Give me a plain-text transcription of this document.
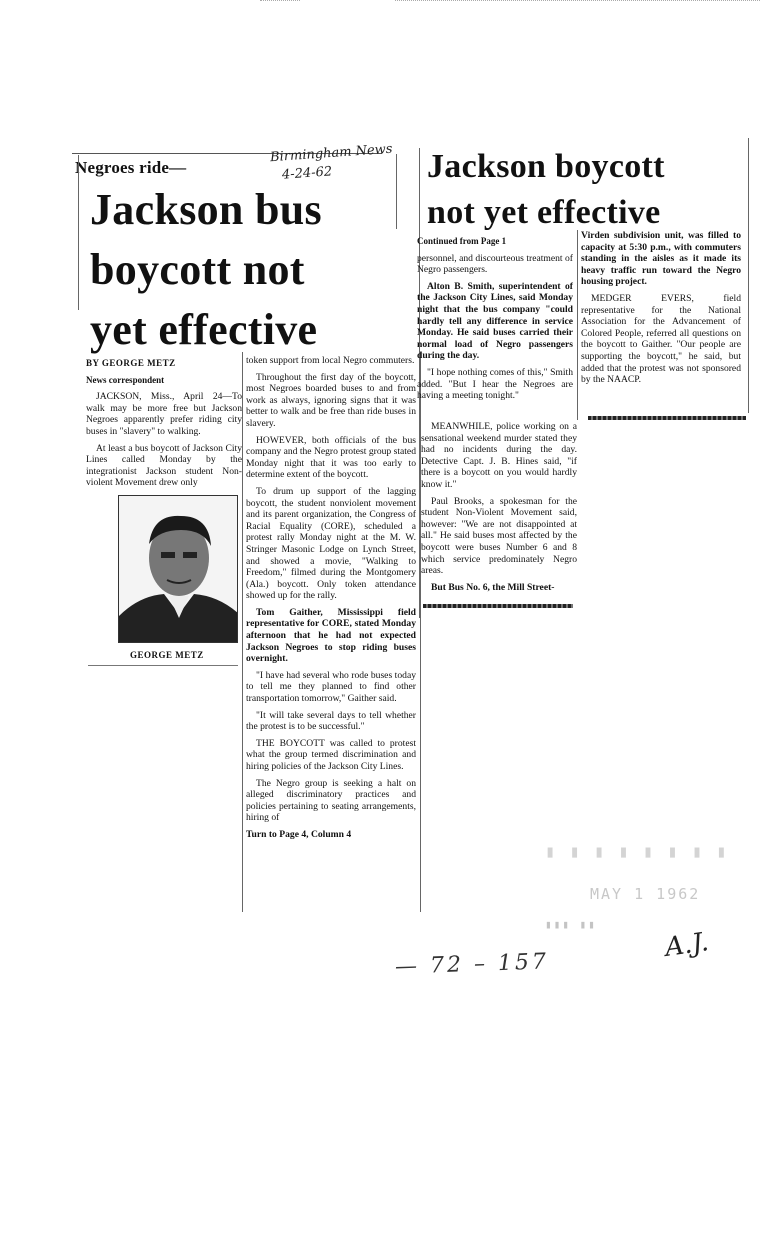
Negroes ride—
Birmingham News
4-24-62
Jackson bus
boycott not
yet effective

BY GEORGE METZ

News correspondent

JACKSON, Miss., April 24—To walk may be more free but Jackson Negroes apparently prefer riding city buses in "slavery" to walking.

At least a bus boycott of Jackson City Lines called Monday by the integrationist Jackson student Non-violent Movement drew only

GEORGE METZ

token support from local Negro commuters.

Throughout the first day of the boycott, most Negroes boarded buses to and from work as always, ignoring signs that it was better to walk and be free than ride buses in slavery.

HOWEVER, both officials of the bus company and the Negro protest group stated Monday night that it was too early to determine extent of the boycott.

To drum up support of the lagging boycott, the student nonviolent movement and its parent organization, the Congress of Racial Equality (CORE), scheduled a protest rally Monday night at the M. W. Stringer Masonic Lodge on Lynch Street, and showed a movie, "Walking to Freedom," filmed during the Montgomery (Ala.) boycott. Only token attendance showed up for the rally.

Tom Gaither, Mississippi field representative for CORE, stated Monday afternoon that he had not expected Jackson Negroes to stop riding buses overnight.

"I have had several who rode buses today to tell me they planned to find other transportation tomorrow," Gaither said.

"It will take several days to tell whether the protest is to be successful."

THE BOYCOTT was called to protest what the group termed discrimination and hiring policies of the Jackson City Lines.

The Negro group is seeking a halt on alleged discriminatory practices and policies pertaining to seating arrangements, hiring of

Turn to Page 4, Column 4

Jackson boycott
not yet effective

Continued from Page 1

personnel, and discourteous treatment of Negro passengers.

Alton B. Smith, superintendent of the Jackson City Lines, said Monday night that the bus company "could hardly tell any difference in service Monday. He said buses carried their normal load of Negro passengers during the day.

"I hope nothing comes of this," Smith added. "But I hear the Negroes are having a meeting tonight."

Virden subdivision unit, was filled to capacity at 5:30 p.m., with commuters standing in the aisles as it made its heavy traffic run toward the Negro housing project.

MEDGER EVERS, field representative for the National Association for the Advancement of Colored People, referred all questions on the boycott to Gaither. "Our people are supporting the boycott," he said, but added that the protest was not sponsored by the NAACP.

MEANWHILE, police working on a sensational weekend murder stated they had no incidents during the day. Detective Capt. J. B. Hines said, "if there is a boycott on you would hardly know it."

Paul Brooks, a spokesman for the student Non-Violent Movement said, however: "We are not disappointed at all." He said buses most affected by the boycott were buses Number 6 and 8 which service predominately Negro areas.

But Bus No. 6, the Mill Street-

▮ ▮ ▮ ▮ ▮ ▮ ▮ ▮
MAY 1 1962
▮▮▮ ▮▮
— 72 – 157
A.J.
